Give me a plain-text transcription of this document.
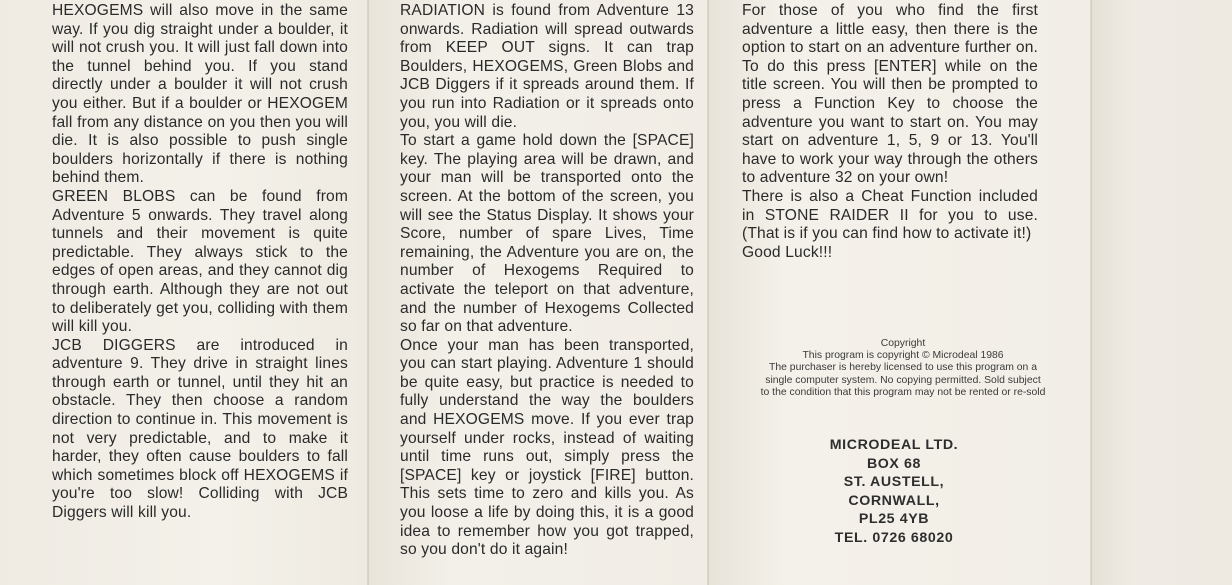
HEXOGEMS will also move in the same way. If you dig straight under a boulder, it will not crush you. It will just fall down into the tunnel behind you. If you stand directly under a boulder it will not crush you either. But if a boulder or HEXOGEM fall from any distance on you then you will die. It is also possible to push single boulders horizontally if there is nothing behind them.

GREEN BLOBS can be found from Adventure 5 onwards. They travel along tunnels and their movement is quite predictable. They always stick to the edges of open areas, and they cannot dig through earth. Although they are not out to deliberately get you, colliding with them will kill you.

JCB DIGGERS are introduced in adventure 9. They drive in straight lines through earth or tunnel, until they hit an obstacle. They then choose a random direction to continue in. This movement is not very predictable, and to make it harder, they often cause boulders to fall which sometimes block off HEXOGEMS if you're too slow! Colliding with JCB Diggers will kill you.

RADIATION is found from Adventure 13 onwards. Radiation will spread outwards from KEEP OUT signs. It can trap Boulders, HEXOGEMS, Green Blobs and JCB Diggers if it spreads around them. If you run into Radiation or it spreads onto you, you will die.

To start a game hold down the [SPACE] key. The playing area will be drawn, and your man will be transported onto the screen. At the bottom of the screen, you will see the Status Display. It shows your Score, number of spare Lives, Time remaining, the Adventure you are on, the number of Hexogems Required to activate the teleport on that adventure, and the number of Hexogems Collected so far on that adventure.

Once your man has been transported, you can start playing. Adventure 1 should be quite easy, but practice is needed to fully understand the way the boulders and HEXOGEMS move. If you ever trap yourself under rocks, instead of waiting until time runs out, simply press the [SPACE] key or joystick [FIRE] button. This sets time to zero and kills you. As you loose a life by doing this, it is a good idea to remember how you got trapped, so you don't do it again!

For those of you who find the first adventure a little easy, then there is the option to start on an adventure further on. To do this press [ENTER] while on the title screen. You will then be prompted to press a Function Key to choose the adventure you want to start on. You may start on adventure 1, 5, 9 or 13. You'll have to work your way through the others to adventure 32 on your own!

There is also a Cheat Function included in STONE RAIDER II for you to use. (That is if you can find how to activate it!)

Good Luck!!!

Copyright

This program is copyright © Microdeal 1986

The purchaser is hereby licensed to use this program on a

single computer system. No copying permitted. Sold subject

to the condition that this program may not be rented or re-sold

MICRODEAL LTD.

BOX 68

ST. AUSTELL,

CORNWALL,

PL25 4YB

TEL. 0726 68020
